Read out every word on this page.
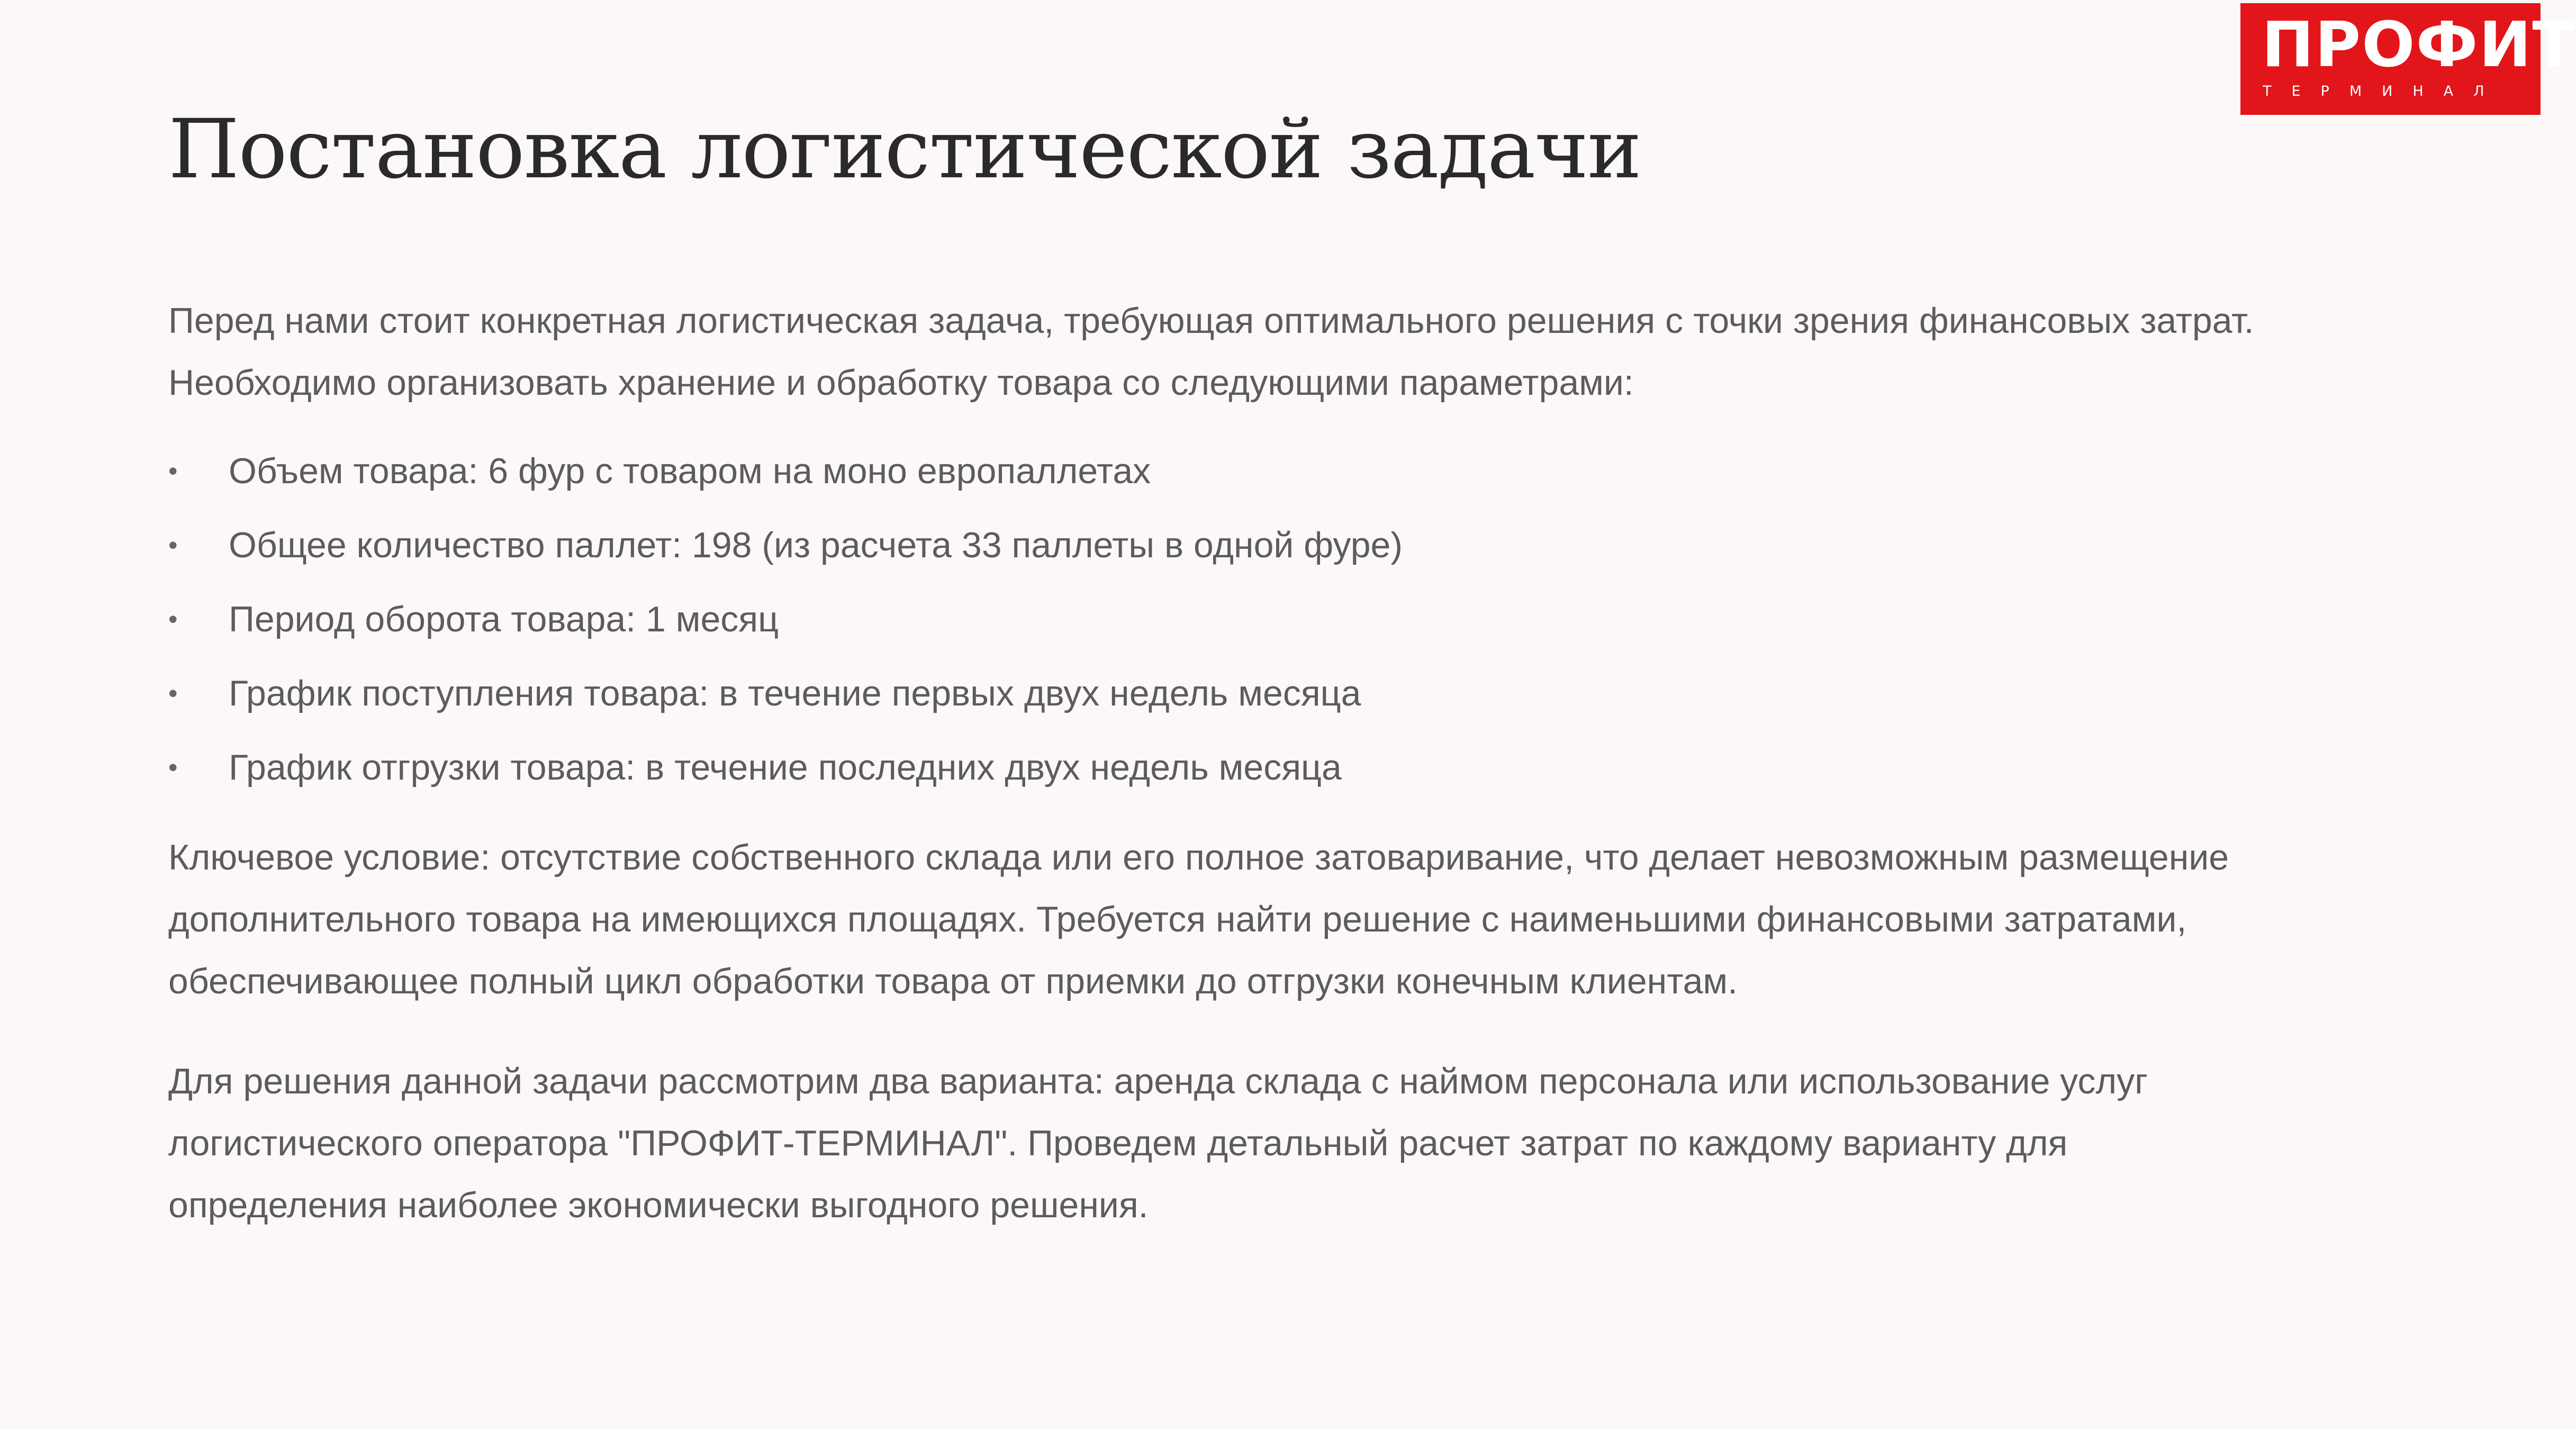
ПРОФИТ
ТЕРМИНАЛ
Постановка логистической задачи

Перед нами стоит конкретная логистическая задача, требующая оптимального решения с точки зрения финансовых затрат. Необходимо организовать хранение и обработку товара со следующими параметрами:

•	Объем товара: 6 фур с товаром на моно европаллетах
•	Общее количество паллет: 198 (из расчета 33 паллеты в одной фуре)
•	Период оборота товара: 1 месяц
•	График поступления товара: в течение первых двух недель месяца
•	График отгрузки товара: в течение последних двух недель месяца

Ключевое условие: отсутствие собственного склада или его полное затоваривание, что делает невозможным размещение дополнительного товара на имеющихся площадях. Требуется найти решение с наименьшими финансовыми затратами, обеспечивающее полный цикл обработки товара от приемки до отгрузки конечным клиентам.

Для решения данной задачи рассмотрим два варианта: аренда склада с наймом персонала или использование услуг логистического оператора "ПРОФИТ-ТЕРМИНАЛ". Проведем детальный расчет затрат по каждому варианту для определения наиболее экономически выгодного решения.
